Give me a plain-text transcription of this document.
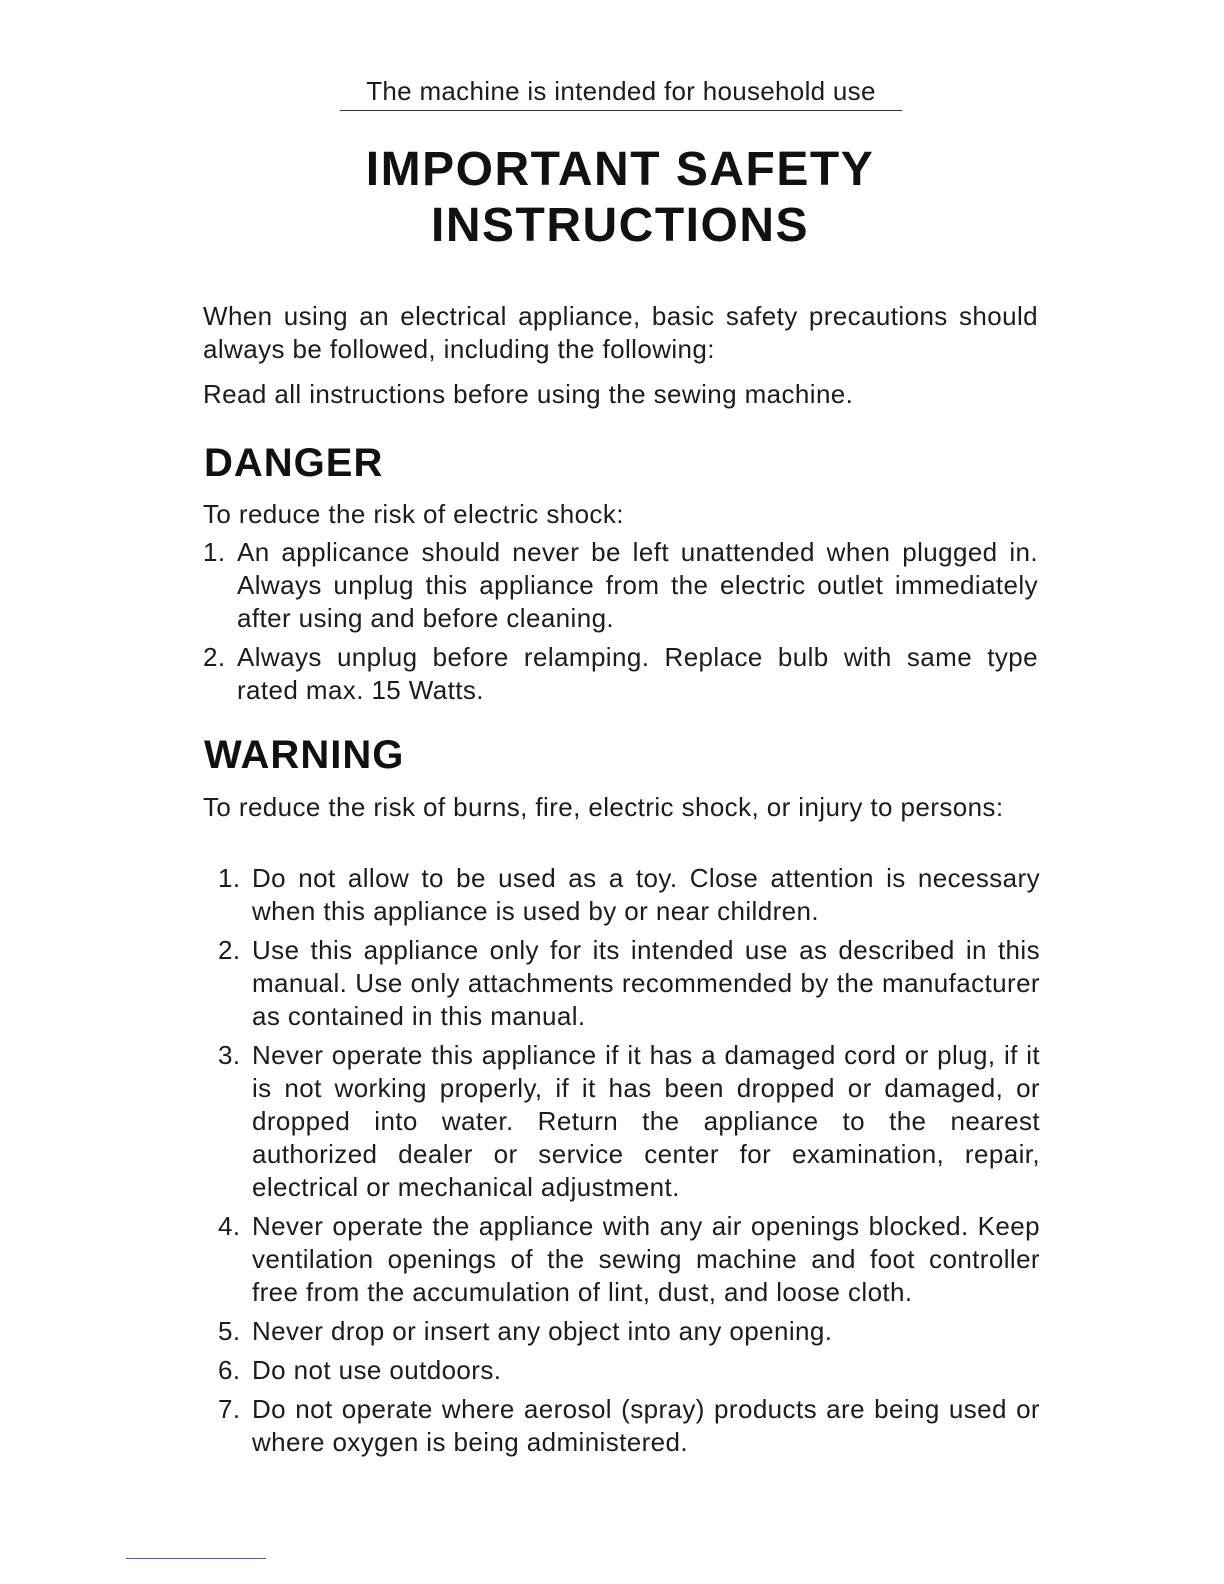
The machine is intended for household use
IMPORTANT SAFETY
INSTRUCTIONS
When using an electrical appliance, basic safety precautions should always be followed, including the following:
Read all instructions before using the sewing machine.
DANGER
To reduce the risk of electric shock:
1. An applicance should never be left unattended when plugged in. Always unplug this appliance from the electric outlet immediately after using and before cleaning.
2. Always unplug before relamping. Replace bulb with same type rated max. 15 Watts.
WARNING
To reduce the risk of burns, fire, electric shock, or injury to persons:
1. Do not allow to be used as a toy. Close attention is necessary when this appliance is used by or near children.
2. Use this appliance only for its intended use as described in this manual. Use only attachments recommended by the manufacturer as contained in this manual.
3. Never operate this appliance if it has a damaged cord or plug, if it is not working properly, if it has been dropped or damaged, or dropped into water. Return the appliance to the nearest authorized dealer or service center for examination, repair, electrical or mechanical adjustment.
4. Never operate the appliance with any air openings blocked. Keep ventilation openings of the sewing machine and foot controller free from the accumulation of lint, dust, and loose cloth.
5. Never drop or insert any object into any opening.
6. Do not use outdoors.
7. Do not operate where aerosol (spray) products are being used or where oxygen is being administered.
